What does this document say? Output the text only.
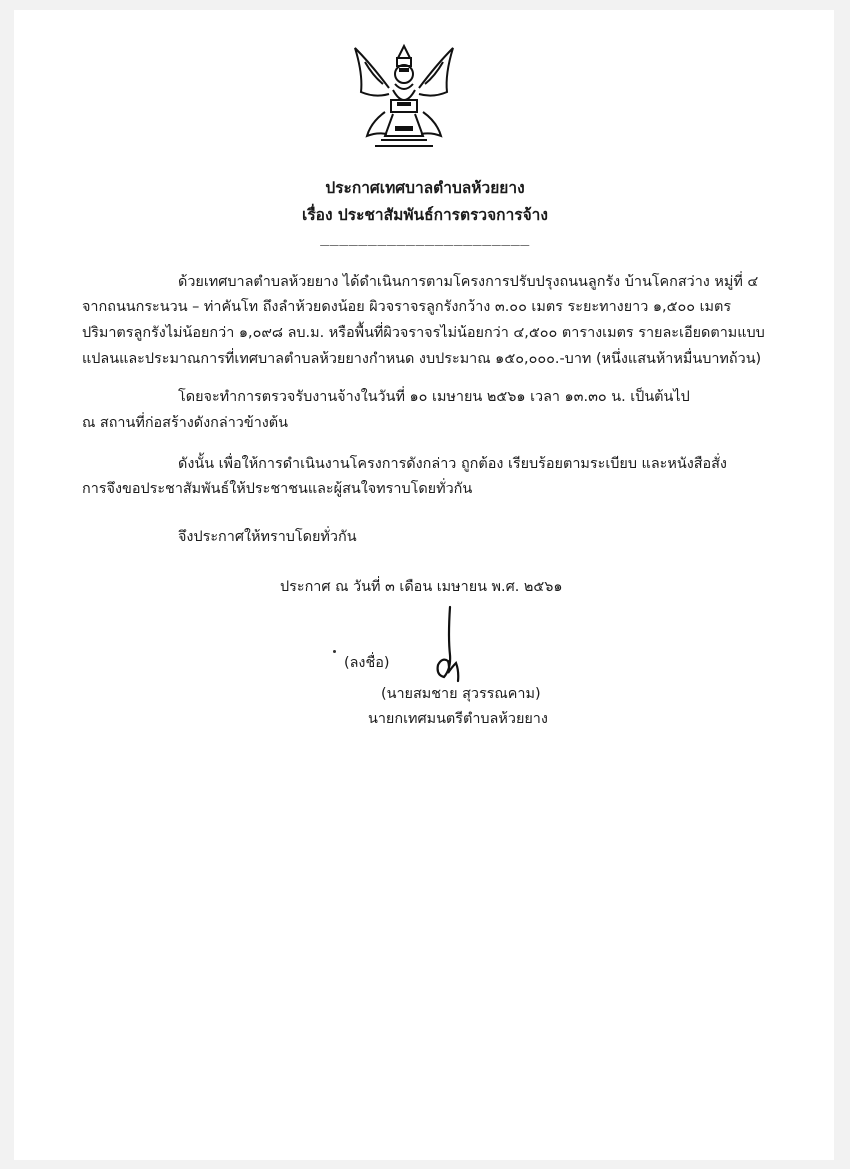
ประกาศเทศบาลตำบลห้วยยาง
เรื่อง ประชาสัมพันธ์การตรวจการจ้าง
______________________
ด้วยเทศบาลตำบลห้วยยาง ได้ดำเนินการตามโครงการปรับปรุงถนนลูกรัง บ้านโคกสว่าง หมู่ที่ ๔
จากถนนกระนวน – ท่าคันโท ถึงลำห้วยดงน้อย ผิวจราจรลูกรังกว้าง ๓.๐๐ เมตร ระยะทางยาว ๑,๕๐๐ เมตร
ปริมาตรลูกรังไม่น้อยกว่า ๑,๐๙๘ ลบ.ม. หรือพื้นที่ผิวจราจรไม่น้อยกว่า ๔,๕๐๐ ตารางเมตร รายละเอียดตามแบบ
แปลนและประมาณการที่เทศบาลตำบลห้วยยางกำหนด งบประมาณ ๑๕๐,๐๐๐.-บาท (หนึ่งแสนห้าหมื่นบาทถ้วน)
โดยจะทำการตรวจรับงานจ้างในวันที่ ๑๐ เมษายน ๒๕๖๑ เวลา ๑๓.๓๐ น. เป็นต้นไป
ณ สถานที่ก่อสร้างดังกล่าวข้างต้น
ดังนั้น เพื่อให้การดำเนินงานโครงการดังกล่าว ถูกต้อง เรียบร้อยตามระเบียบ และหนังสือสั่ง
การจึงขอประชาสัมพันธ์ให้ประชาชนและผู้สนใจทราบโดยทั่วกัน
จึงประกาศให้ทราบโดยทั่วกัน
ประกาศ ณ วันที่ ๓ เดือน เมษายน พ.ศ. ๒๕๖๑
(ลงชื่อ)
(นายสมชาย สุวรรณคาม)
นายกเทศมนตรีตำบลห้วยยาง
